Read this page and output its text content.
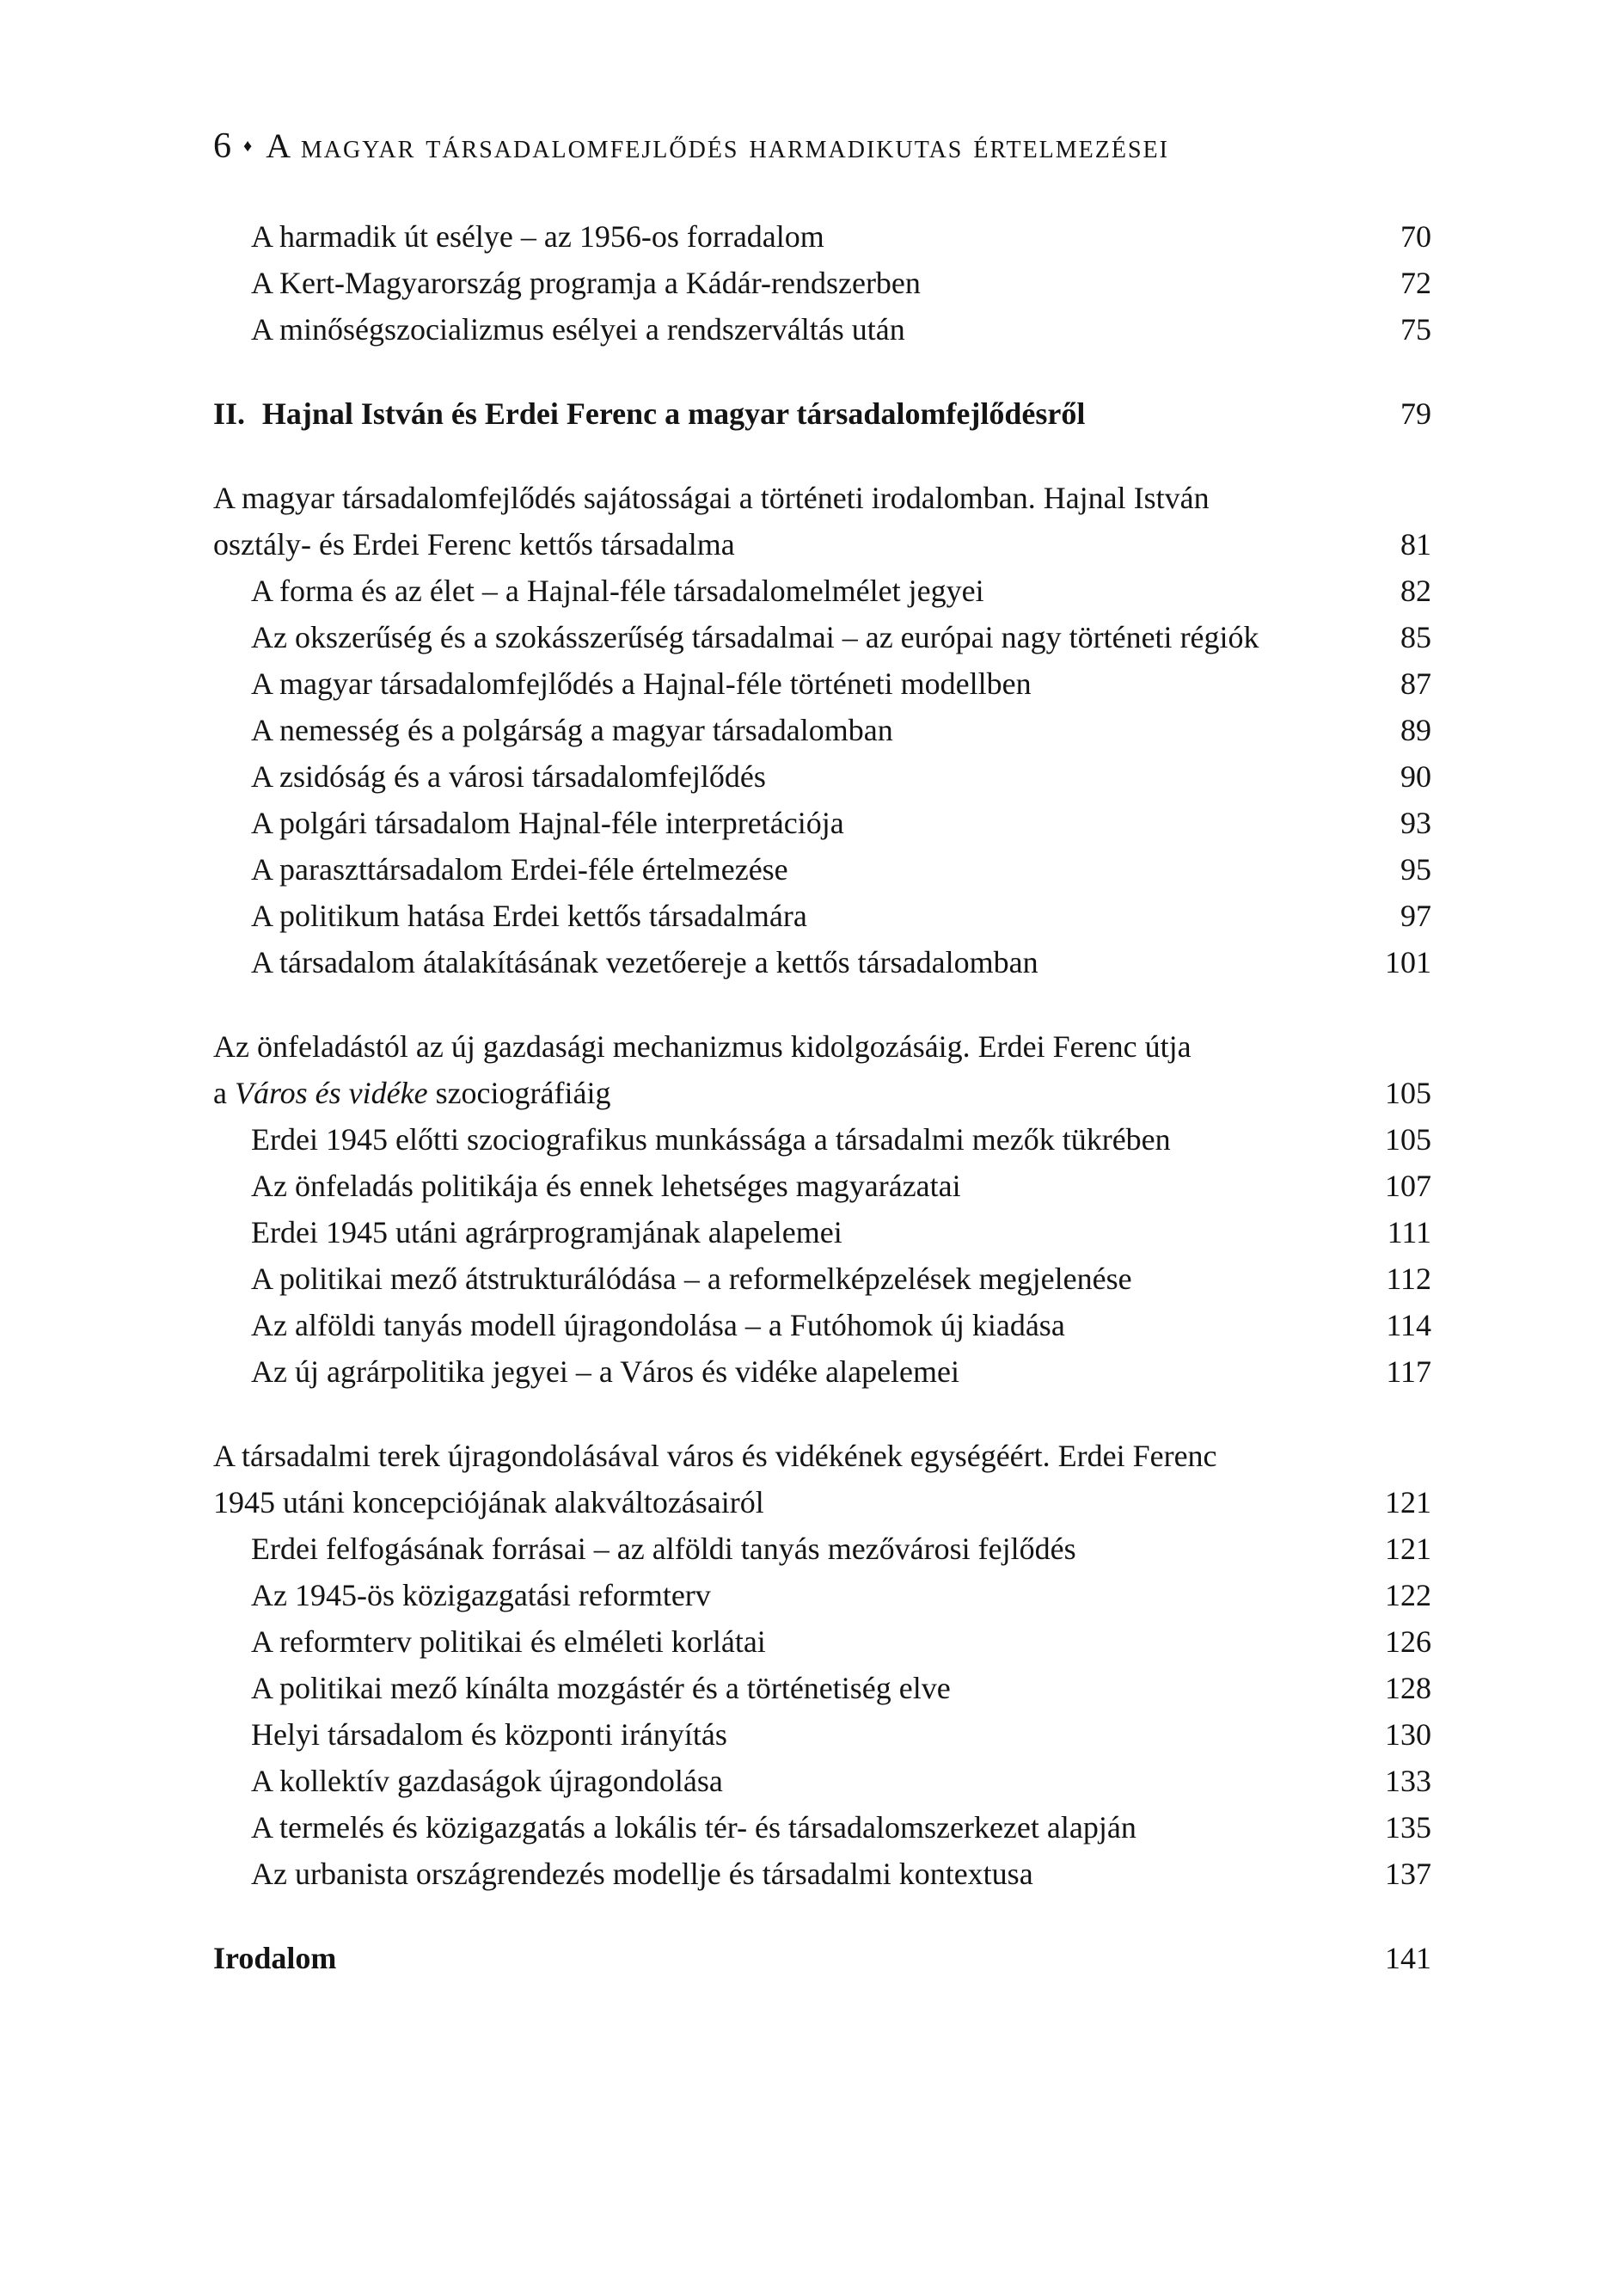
6 ♦ A magyar társadalomfejlődés harmadikutas értelmezései
A harmadik út esélye – az 1956-os forradalom	70
A Kert-Magyarország programja a Kádár-rendszerben	72
A minőségszocializmus esélyei a rendszerváltás után	75
II. Hajnal István és Erdei Ferenc a magyar társadalomfejlődésről	79
A magyar társadalomfejlődés sajátosságai a történeti irodalomban. Hajnal István
osztály- és Erdei Ferenc kettős társadalma	81
A forma és az élet – a Hajnal-féle társadalomelmélet jegyei	82
Az okszerűség és a szokásszerűség társadalmai – az európai nagy történeti régiók	85
A magyar társadalomfejlődés a Hajnal-féle történeti modellben	87
A nemesség és a polgárság a magyar társadalomban	89
A zsidóság és a városi társadalomfejlődés	90
A polgári társadalom Hajnal-féle interpretációja	93
A paraszttársadalom Erdei-féle értelmezése	95
A politikum hatása Erdei kettős társadalmára	97
A társadalom átalakításának vezetőereje a kettős társadalomban	101
Az önfeladástól az új gazdasági mechanizmus kidolgozásáig. Erdei Ferenc útja
a Város és vidéke szociográfiáig	105
Erdei 1945 előtti szociografikus munkássága a társadalmi mezők tükrében	105
Az önfeladás politikája és ennek lehetséges magyarázatai	107
Erdei 1945 utáni agrárprogramjának alapelemei	111
A politikai mező átstrukturálódása – a reformelképzelések megjelenése	112
Az alföldi tanyás modell újragondolása – a Futóhomok új kiadása	114
Az új agrárpolitika jegyei – a Város és vidéke alapelemei	117
A társadalmi terek újragondolásával város és vidékének egységéért. Erdei Ferenc
1945 utáni koncepciójának alakváltozásairól	121
Erdei felfogásának forrásai – az alföldi tanyás mezővárosi fejlődés	121
Az 1945-ös közigazgatási reformterv	122
A reformterv politikai és elméleti korlátai	126
A politikai mező kínálta mozgástér és a történetiség elve	128
Helyi társadalom és központi irányítás	130
A kollektív gazdaságok újragondolása	133
A termelés és közigazgatás a lokális tér- és társadalomszerkezet alapján	135
Az urbanista országrendezés modellje és társadalmi kontextusa	137
Irodalom	141
